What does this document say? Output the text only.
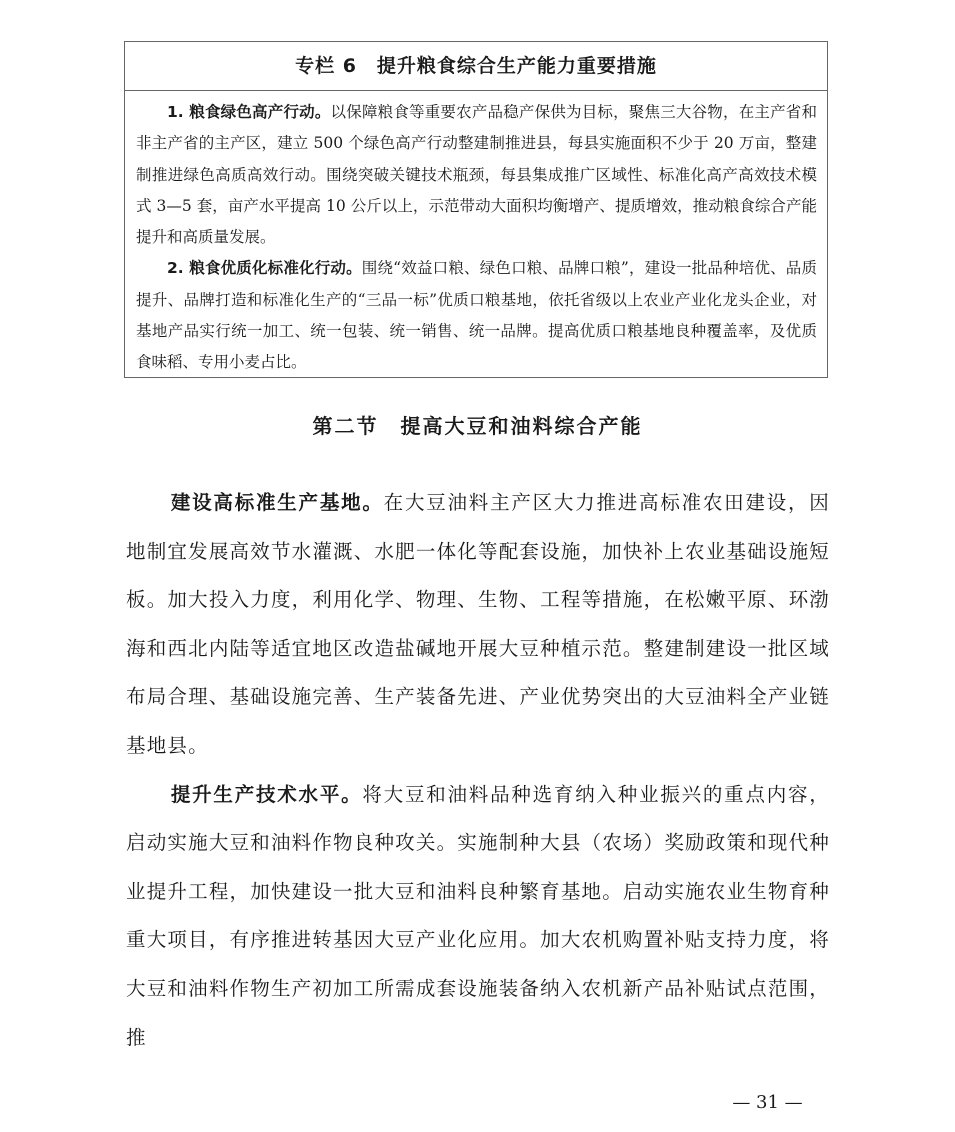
专栏 6　提升粮食综合生产能力重要措施

1. 粮食绿色高产行动。以保障粮食等重要农产品稳产保供为目标，聚焦三大谷物，在主产省和非主产省的主产区，建立 500 个绿色高产行动整建制推进县，每县实施面积不少于 20 万亩，整建制推进绿色高质高效行动。围绕突破关键技术瓶颈，每县集成推广区域性、标准化高产高效技术模式 3—5 套，亩产水平提高 10 公斤以上，示范带动大面积均衡增产、提质增效，推动粮食综合产能提升和高质量发展。

2. 粮食优质化标准化行动。围绕“效益口粮、绿色口粮、品牌口粮”，建设一批品种培优、品质提升、品牌打造和标准化生产的“三品一标”优质口粮基地，依托省级以上农业产业化龙头企业，对基地产品实行统一加工、统一包装、统一销售、统一品牌。提高优质口粮基地良种覆盖率，及优质食味稻、专用小麦占比。

第二节　提高大豆和油料综合产能

建设高标准生产基地。在大豆油料主产区大力推进高标准农田建设，因地制宜发展高效节水灌溉、水肥一体化等配套设施，加快补上农业基础设施短板。加大投入力度，利用化学、物理、生物、工程等措施，在松嫩平原、环渤海和西北内陆等适宜地区改造盐碱地开展大豆种植示范。整建制建设一批区域布局合理、基础设施完善、生产装备先进、产业优势突出的大豆油料全产业链基地县。

提升生产技术水平。将大豆和油料品种选育纳入种业振兴的重点内容，启动实施大豆和油料作物良种攻关。实施制种大县（农场）奖励政策和现代种业提升工程，加快建设一批大豆和油料良种繁育基地。启动实施农业生物育种重大项目，有序推进转基因大豆产业化应用。加大农机购置补贴支持力度，将大豆和油料作物生产初加工所需成套设施装备纳入农机新产品补贴试点范围，推

— 31 —
